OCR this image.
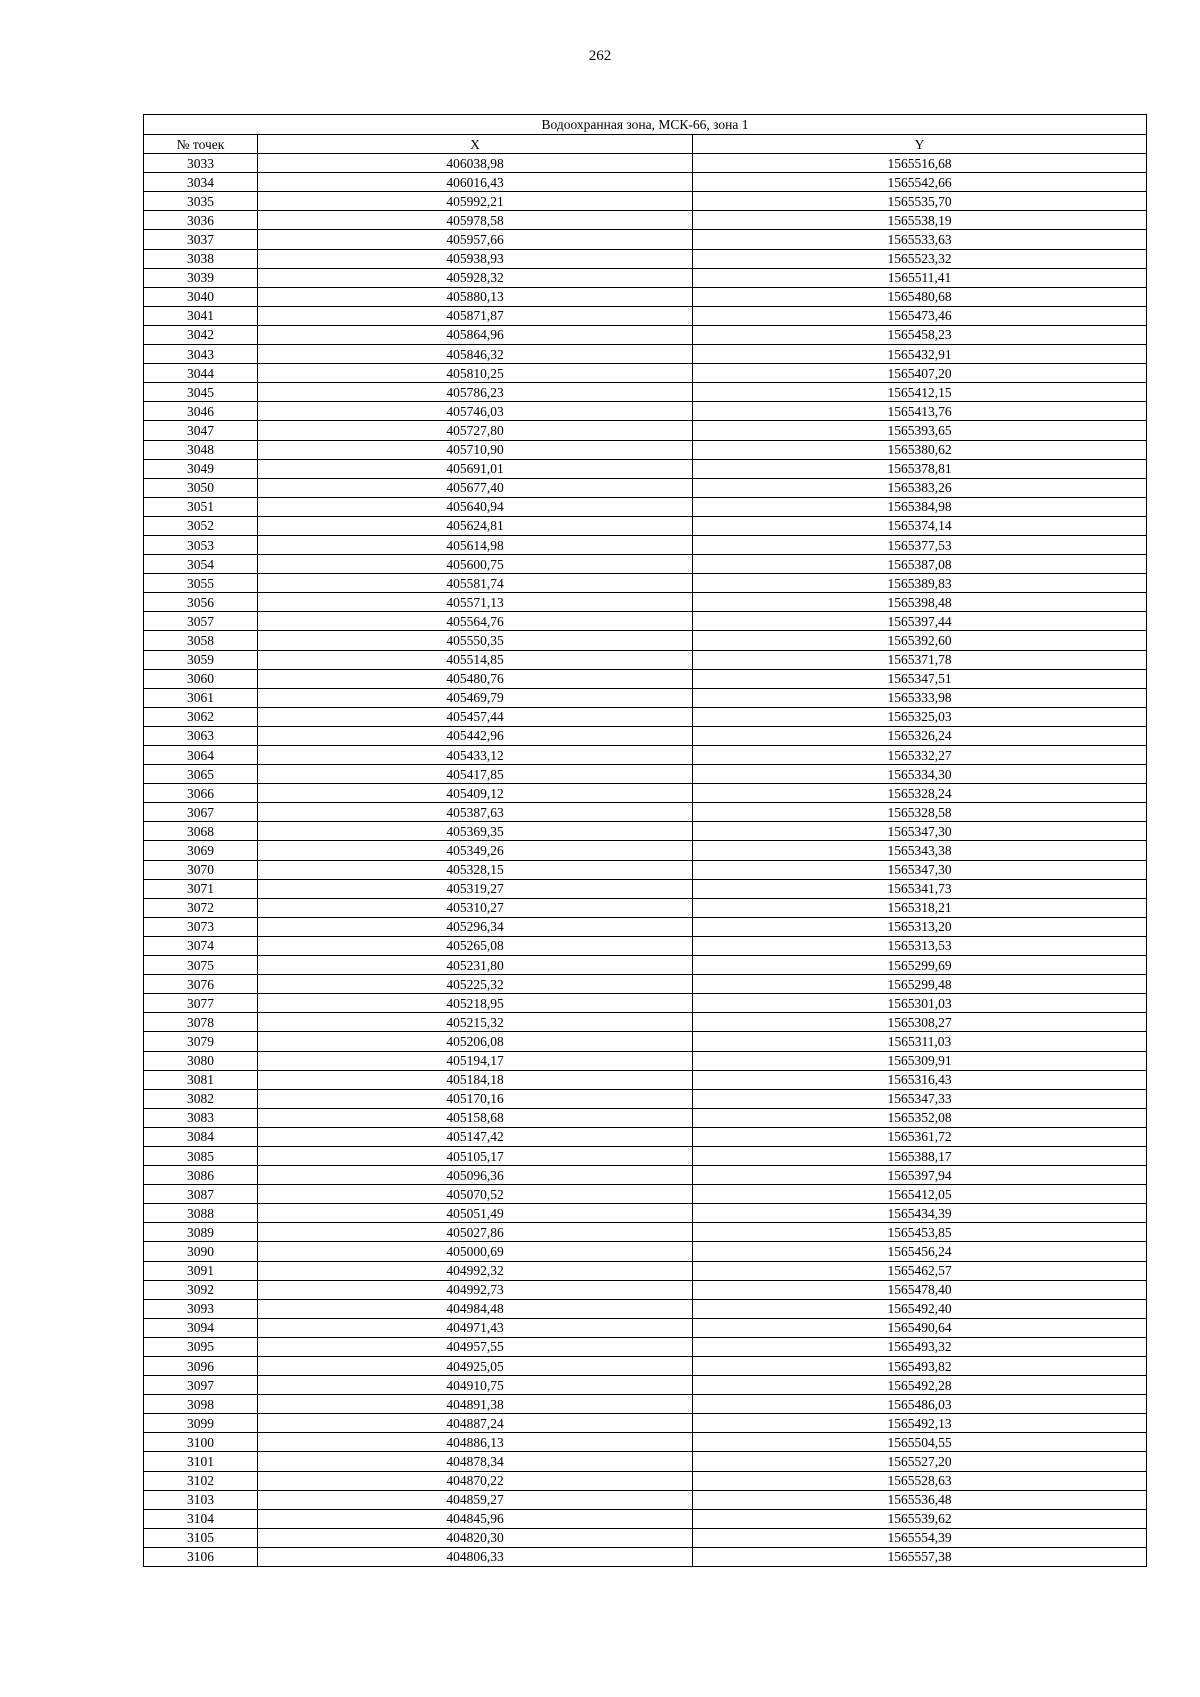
262
Водоохранная зона, МСК-66, зона 1		
№ точек	X	Y
3033	406038,98	1565516,68
3034	406016,43	1565542,66
3035	405992,21	1565535,70
3036	405978,58	1565538,19
3037	405957,66	1565533,63
3038	405938,93	1565523,32
3039	405928,32	1565511,41
3040	405880,13	1565480,68
3041	405871,87	1565473,46
3042	405864,96	1565458,23
3043	405846,32	1565432,91
3044	405810,25	1565407,20
3045	405786,23	1565412,15
3046	405746,03	1565413,76
3047	405727,80	1565393,65
3048	405710,90	1565380,62
3049	405691,01	1565378,81
3050	405677,40	1565383,26
3051	405640,94	1565384,98
3052	405624,81	1565374,14
3053	405614,98	1565377,53
3054	405600,75	1565387,08
3055	405581,74	1565389,83
3056	405571,13	1565398,48
3057	405564,76	1565397,44
3058	405550,35	1565392,60
3059	405514,85	1565371,78
3060	405480,76	1565347,51
3061	405469,79	1565333,98
3062	405457,44	1565325,03
3063	405442,96	1565326,24
3064	405433,12	1565332,27
3065	405417,85	1565334,30
3066	405409,12	1565328,24
3067	405387,63	1565328,58
3068	405369,35	1565347,30
3069	405349,26	1565343,38
3070	405328,15	1565347,30
3071	405319,27	1565341,73
3072	405310,27	1565318,21
3073	405296,34	1565313,20
3074	405265,08	1565313,53
3075	405231,80	1565299,69
3076	405225,32	1565299,48
3077	405218,95	1565301,03
3078	405215,32	1565308,27
3079	405206,08	1565311,03
3080	405194,17	1565309,91
3081	405184,18	1565316,43
3082	405170,16	1565347,33
3083	405158,68	1565352,08
3084	405147,42	1565361,72
3085	405105,17	1565388,17
3086	405096,36	1565397,94
3087	405070,52	1565412,05
3088	405051,49	1565434,39
3089	405027,86	1565453,85
3090	405000,69	1565456,24
3091	404992,32	1565462,57
3092	404992,73	1565478,40
3093	404984,48	1565492,40
3094	404971,43	1565490,64
3095	404957,55	1565493,32
3096	404925,05	1565493,82
3097	404910,75	1565492,28
3098	404891,38	1565486,03
3099	404887,24	1565492,13
3100	404886,13	1565504,55
3101	404878,34	1565527,20
3102	404870,22	1565528,63
3103	404859,27	1565536,48
3104	404845,96	1565539,62
3105	404820,30	1565554,39
3106	404806,33	1565557,38
